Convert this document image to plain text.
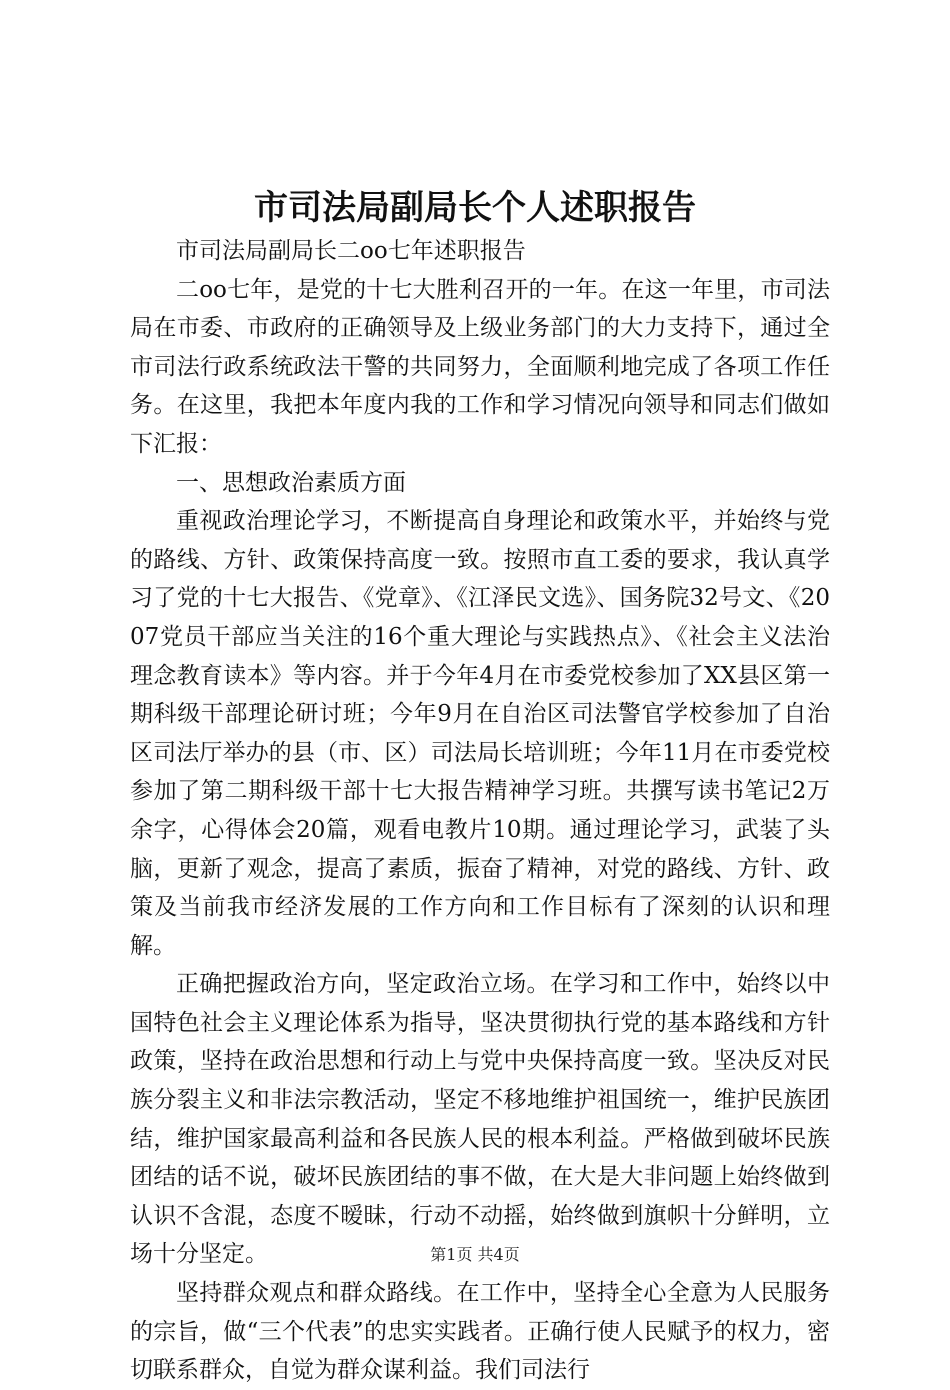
市司法局副局长个人述职报告

市司法局副局长二oo七年述职报告

二oo七年，是党的十七大胜利召开的一年。在这一年里，市司法局在市委、市政府的正确领导及上级业务部门的大力支持下，通过全市司法行政系统政法干警的共同努力，全面顺利地完成了各项工作任务。在这里，我把本年度内我的工作和学习情况向领导和同志们做如下汇报：

一、思想政治素质方面

重视政治理论学习，不断提高自身理论和政策水平，并始终与党的路线、方针、政策保持高度一致。按照市直工委的要求，我认真学习了党的十七大报告、《党章》、《江泽民文选》、国务院32号文、《2007党员干部应当关注的16个重大理论与实践热点》、《社会主义法治理念教育读本》等内容。并于今年4月在市委党校参加了XX县区第一期科级干部理论研讨班；今年9月在自治区司法警官学校参加了自治区司法厅举办的县（市、区）司法局长培训班；今年11月在市委党校参加了第二期科级干部十七大报告精神学习班。共撰写读书笔记2万余字，心得体会20篇，观看电教片10期。通过理论学习，武装了头脑，更新了观念，提高了素质，振奋了精神，对党的路线、方针、政策及当前我市经济发展的工作方向和工作目标有了深刻的认识和理解。

正确把握政治方向，坚定政治立场。在学习和工作中，始终以中国特色社会主义理论体系为指导，坚决贯彻执行党的基本路线和方针政策，坚持在政治思想和行动上与党中央保持高度一致。坚决反对民族分裂主义和非法宗教活动，坚定不移地维护祖国统一，维护民族团结，维护国家最高利益和各民族人民的根本利益。严格做到破坏民族团结的话不说，破坏民族团结的事不做，在大是大非问题上始终做到认识不含混，态度不暧昧，行动不动摇，始终做到旗帜十分鲜明，立场十分坚定。

坚持群众观点和群众路线。在工作中，坚持全心全意为人民服务的宗旨，做“三个代表”的忠实实践者。正确行使人民赋予的权力，密切联系群众，自觉为群众谋利益。我们司法行

第1页 共4页
